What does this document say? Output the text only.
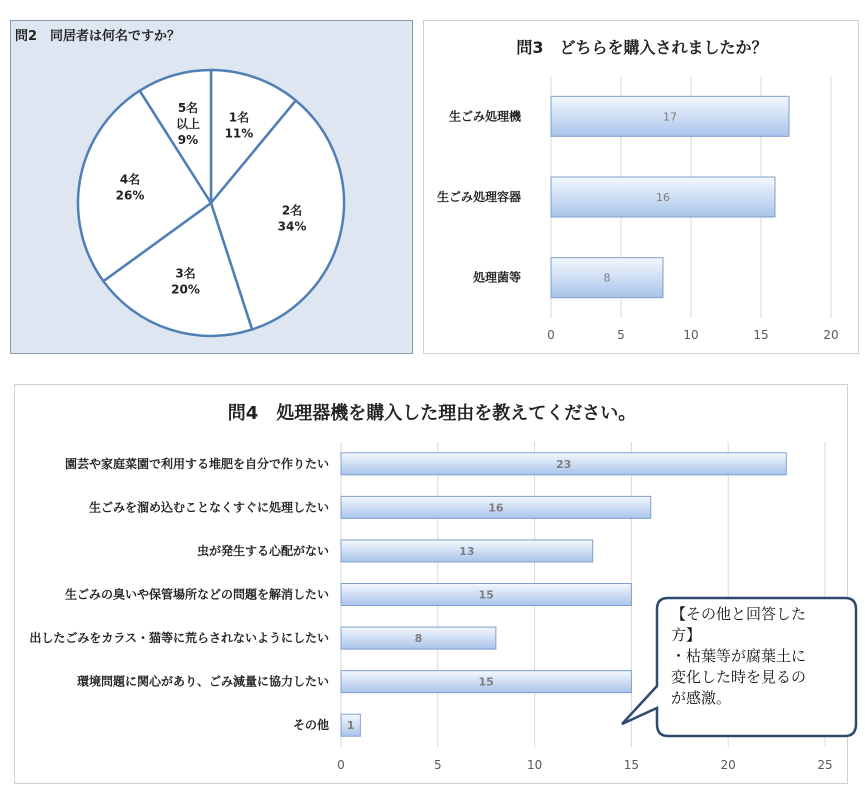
問2　同居者は何名ですか？
1名
11%
2名
34%
3名
20%
4名
26%
5名
以上
9%
問3　どちらを購入されましたか？
0	5	10	15	20
17
生ごみ処理機
16
生ごみ処理容器
8
処理菌等
問4　処理器機を購入した理由を教えてください。
0	5	10	15	20	25
23
園芸や家庭菜園で利用する堆肥を自分で作りたい
16
生ごみを溜め込むことなくすぐに処理したい
13
虫が発生する心配がない
15
生ごみの臭いや保管場所などの問題を解消したい
8
出したごみをカラス・猫等に荒らされないようにしたい
15
環境問題に関心があり、ごみ減量に協力したい
1
その他
【その他と回答した
方】
・枯葉等が腐葉土に
変化した時を見るの
が感激。
